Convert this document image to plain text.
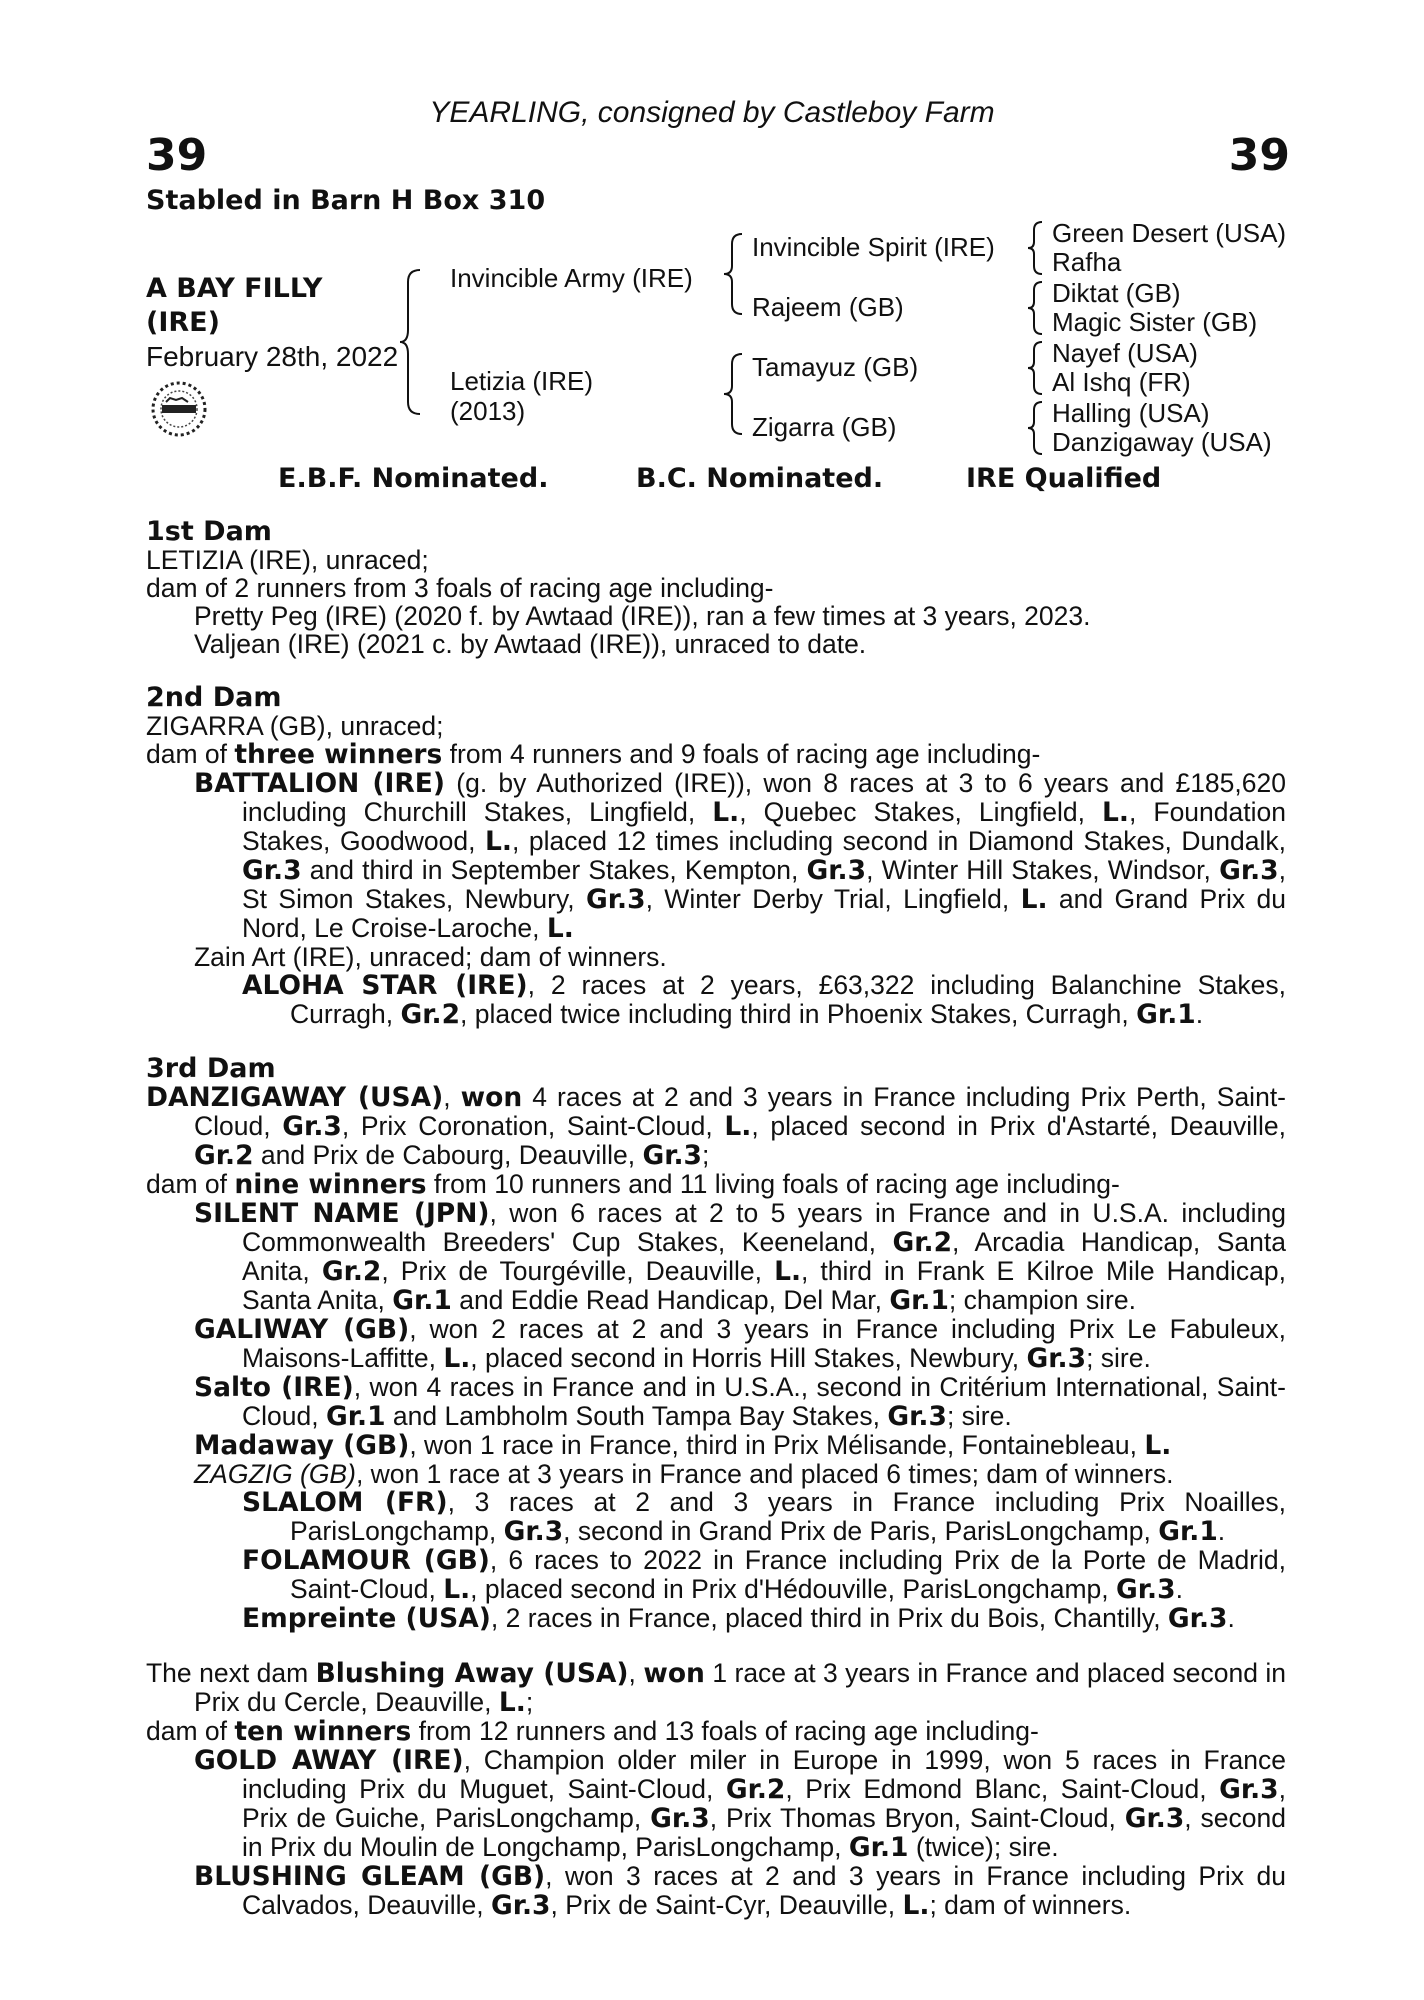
YEARLING, consigned by Castleboy Farm
39	39
Stabled in Barn H Box 310
A BAY FILLY
(IRE)
February 28th, 2022
Invincible Army (IRE)
Letizia (IRE)
(2013)
Invincible Spirit (IRE)
Rajeem (GB)
Tamayuz (GB)
Zigarra (GB)
Green Desert (USA)
Rafha
Diktat (GB)
Magic Sister (GB)
Nayef (USA)
Al Ishq (FR)
Halling (USA)
Danzigaway (USA)
E.B.F. Nominated.	B.C. Nominated.	IRE Qualified
1st Dam

LETIZIA (IRE), unraced;

dam of 2 runners from 3 foals of racing age including-

Pretty Peg (IRE) (2020 f. by Awtaad (IRE)), ran a few times at 3 years, 2023.

Valjean (IRE) (2021 c. by Awtaad (IRE)), unraced to date.

2nd Dam

ZIGARRA (GB), unraced;

dam of three winners from 4 runners and 9 foals of racing age including-

BATTALION (IRE) (g. by Authorized (IRE)), won 8 races at 3 to 6 years and £185,620 including Churchill Stakes, Lingfield, L., Quebec Stakes, Lingfield, L., Foundation Stakes, Goodwood, L., placed 12 times including second in Diamond Stakes, Dundalk, Gr.3 and third in September Stakes, Kempton, Gr.3, Winter Hill Stakes, Windsor, Gr.3, St Simon Stakes, Newbury, Gr.3, Winter Derby Trial, Lingfield, L. and Grand Prix du Nord, Le Croise-Laroche, L.

Zain Art (IRE), unraced; dam of winners.

ALOHA STAR (IRE), 2 races at 2 years, £63,322 including Balanchine Stakes, Curragh, Gr.2, placed twice including third in Phoenix Stakes, Curragh, Gr.1.

3rd Dam

DANZIGAWAY (USA), won 4 races at 2 and 3 years in France including Prix Perth, Saint-Cloud, Gr.3, Prix Coronation, Saint-Cloud, L., placed second in Prix d'Astarté, Deauville, Gr.2 and Prix de Cabourg, Deauville, Gr.3;

dam of nine winners from 10 runners and 11 living foals of racing age including-

SILENT NAME (JPN), won 6 races at 2 to 5 years in France and in U.S.A. including Commonwealth Breeders' Cup Stakes, Keeneland, Gr.2, Arcadia Handicap, Santa Anita, Gr.2, Prix de Tourgéville, Deauville, L., third in Frank E Kilroe Mile Handicap, Santa Anita, Gr.1 and Eddie Read Handicap, Del Mar, Gr.1; champion sire.

GALIWAY (GB), won 2 races at 2 and 3 years in France including Prix Le Fabuleux, Maisons-Laffitte, L., placed second in Horris Hill Stakes, Newbury, Gr.3; sire.

Salto (IRE), won 4 races in France and in U.S.A., second in Critérium International, Saint-Cloud, Gr.1 and Lambholm South Tampa Bay Stakes, Gr.3; sire.

Madaway (GB), won 1 race in France, third in Prix Mélisande, Fontainebleau, L.

ZAGZIG (GB), won 1 race at 3 years in France and placed 6 times; dam of winners.

SLALOM (FR), 3 races at 2 and 3 years in France including Prix Noailles, ParisLongchamp, Gr.3, second in Grand Prix de Paris, ParisLongchamp, Gr.1.

FOLAMOUR (GB), 6 races to 2022 in France including Prix de la Porte de Madrid, Saint-Cloud, L., placed second in Prix d'Hédouville, ParisLongchamp, Gr.3.

Empreinte (USA), 2 races in France, placed third in Prix du Bois, Chantilly, Gr.3.

The next dam Blushing Away (USA), won 1 race at 3 years in France and placed second in Prix du Cercle, Deauville, L.;

dam of ten winners from 12 runners and 13 foals of racing age including-

GOLD AWAY (IRE), Champion older miler in Europe in 1999, won 5 races in France including Prix du Muguet, Saint-Cloud, Gr.2, Prix Edmond Blanc, Saint-Cloud, Gr.3, Prix de Guiche, ParisLongchamp, Gr.3, Prix Thomas Bryon, Saint-Cloud, Gr.3, second in Prix du Moulin de Longchamp, ParisLongchamp, Gr.1 (twice); sire.

BLUSHING GLEAM (GB), won 3 races at 2 and 3 years in France including Prix du Calvados, Deauville, Gr.3, Prix de Saint-Cyr, Deauville, L.; dam of winners.
